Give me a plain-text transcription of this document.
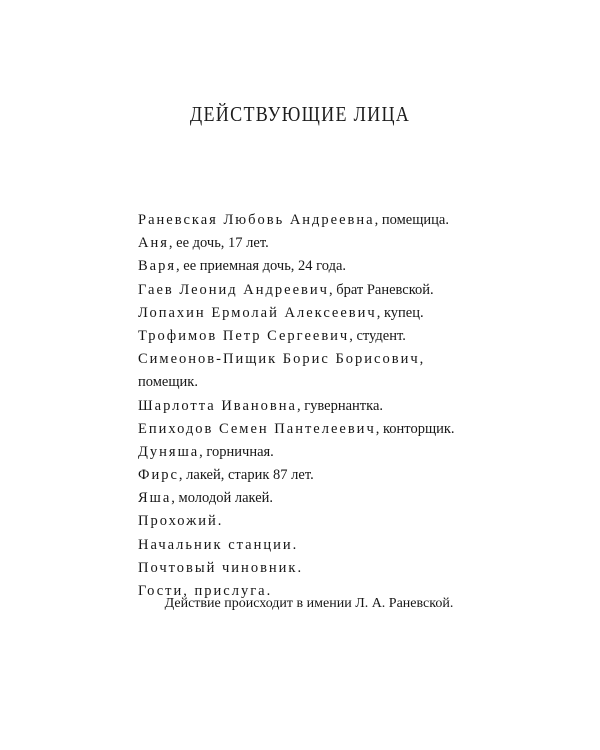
ДЕЙСТВУЮЩИЕ ЛИЦА
Раневская Любовь Андреевна, помещица.
Аня, ее дочь, 17 лет.
Варя, ее приемная дочь, 24 года.
Гаев Леонид Андреевич, брат Раневской.
Лопахин Ермолай Алексеевич, купец.
Трофимов Петр Сергеевич, студент.
Симеонов-Пищик Борис Борисович,
помещик.
Шарлотта Ивановна, гувернантка.
Епиходов Семен Пантелеевич, конторщик.
Дуняша, горничная.
Фирс, лакей, старик 87 лет.
Яша, молодой лакей.
Прохожий.
Начальник станции.
Почтовый чиновник.
Гости, прислуга.

Действие происходит в имении Л. А. Раневской.
